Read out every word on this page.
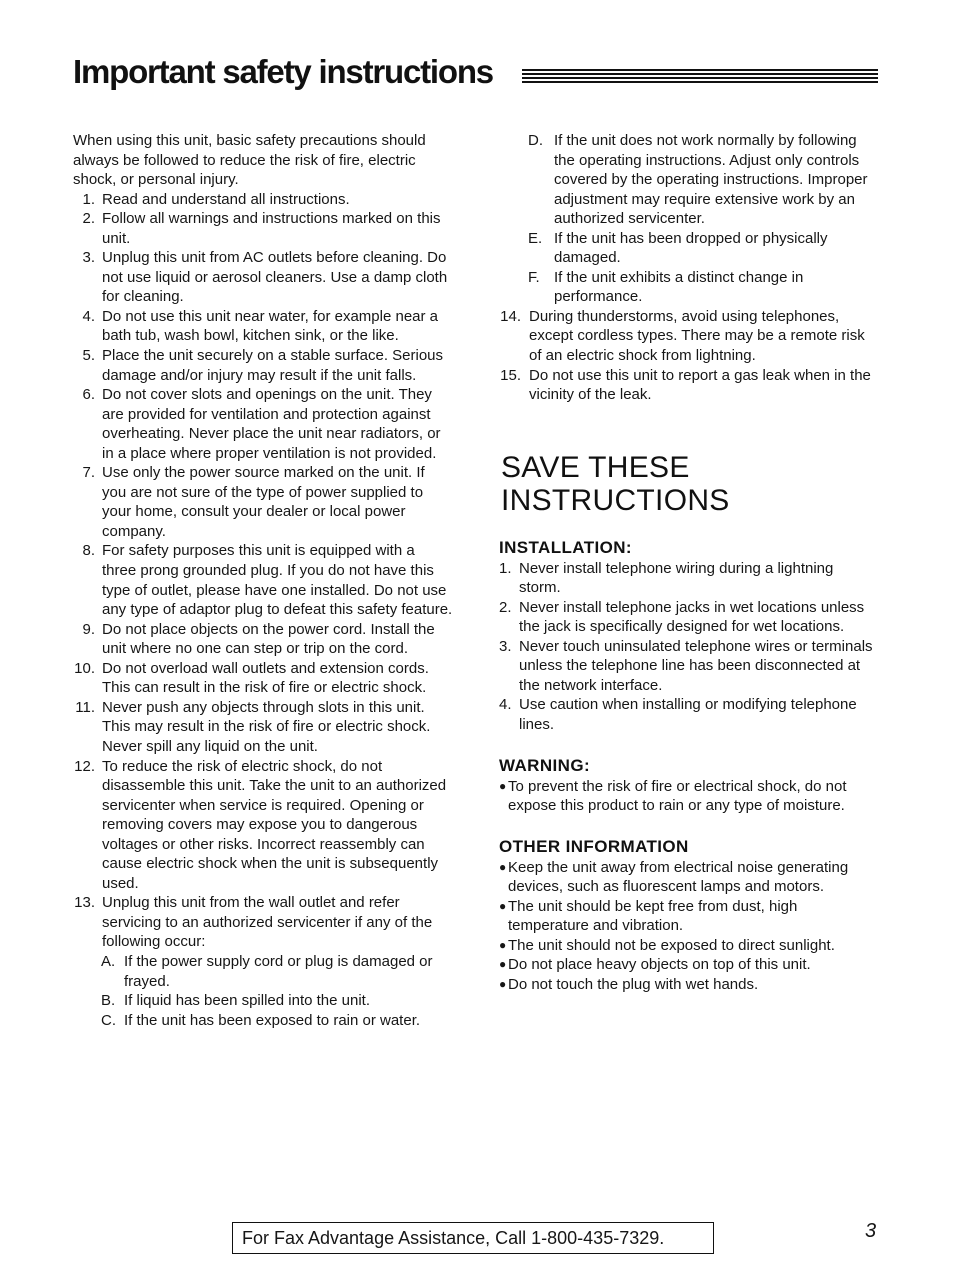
Important safety instructions

When using this unit, basic safety precautions should always be followed to reduce the risk of fire, electric shock, or personal injury.

1. Read and understand all instructions.
2. Follow all warnings and instructions marked on this unit.
3. Unplug this unit from AC outlets before cleaning. Do not use liquid or aerosol cleaners. Use a damp cloth for cleaning.
4. Do not use this unit near water, for example near a bath tub, wash bowl, kitchen sink, or the like.
5. Place the unit securely on a stable surface. Serious damage and/or injury may result if the unit falls.
6. Do not cover slots and openings on the unit. They are provided for ventilation and protection against overheating. Never place the unit near radiators, or in a place where proper ventilation is not provided.
7. Use only the power source marked on the unit. If you are not sure of the type of power supplied to your home, consult your dealer or local power company.
8. For safety purposes this unit is equipped with a three prong grounded plug. If you do not have this type of outlet, please have one installed. Do not use any type of adaptor plug to defeat this safety feature.
9. Do not place objects on the power cord. Install the unit where no one can step or trip on the cord.
10. Do not overload wall outlets and extension cords. This can result in the risk of fire or electric shock.
11. Never push any objects through slots in this unit. This may result in the risk of fire or electric shock. Never spill any liquid on the unit.
12. To reduce the risk of electric shock, do not disassemble this unit. Take the unit to an authorized servicenter when service is required. Opening or removing covers may expose you to dangerous voltages or other risks. Incorrect reassembly can cause electric shock when the unit is subsequently used.
13. Unplug this unit from the wall outlet and refer servicing to an authorized servicenter if any of the following occur:
A. If the power supply cord or plug is damaged or frayed.
B. If liquid has been spilled into the unit.
C. If the unit has been exposed to rain or water.
D. If the unit does not work normally by following the operating instructions. Adjust only controls covered by the operating instructions. Improper adjustment may require extensive work by an authorized servicenter.
E. If the unit has been dropped or physically damaged.
F. If the unit exhibits a distinct change in performance.
14. During thunderstorms, avoid using telephones, except cordless types. There may be a remote risk of an electric shock from lightning.
15. Do not use this unit to report a gas leak when in the vicinity of the leak.
SAVE THESE INSTRUCTIONS
INSTALLATION:
1. Never install telephone wiring during a lightning storm.
2. Never install telephone jacks in wet locations unless the jack is specifically designed for wet locations.
3. Never touch uninsulated telephone wires or terminals unless the telephone line has been disconnected at the network interface.
4. Use caution when installing or modifying telephone lines.
WARNING:
● To prevent the risk of fire or electrical shock, do not expose this product to rain or any type of moisture.
OTHER INFORMATION
● Keep the unit away from electrical noise generating devices, such as fluorescent lamps and motors.
● The unit should be kept free from dust, high temperature and vibration.
● The unit should not be exposed to direct sunlight.
● Do not place heavy objects on top of this unit.
● Do not touch the plug with wet hands.
For Fax Advantage Assistance, Call 1-800-435-7329.	3
